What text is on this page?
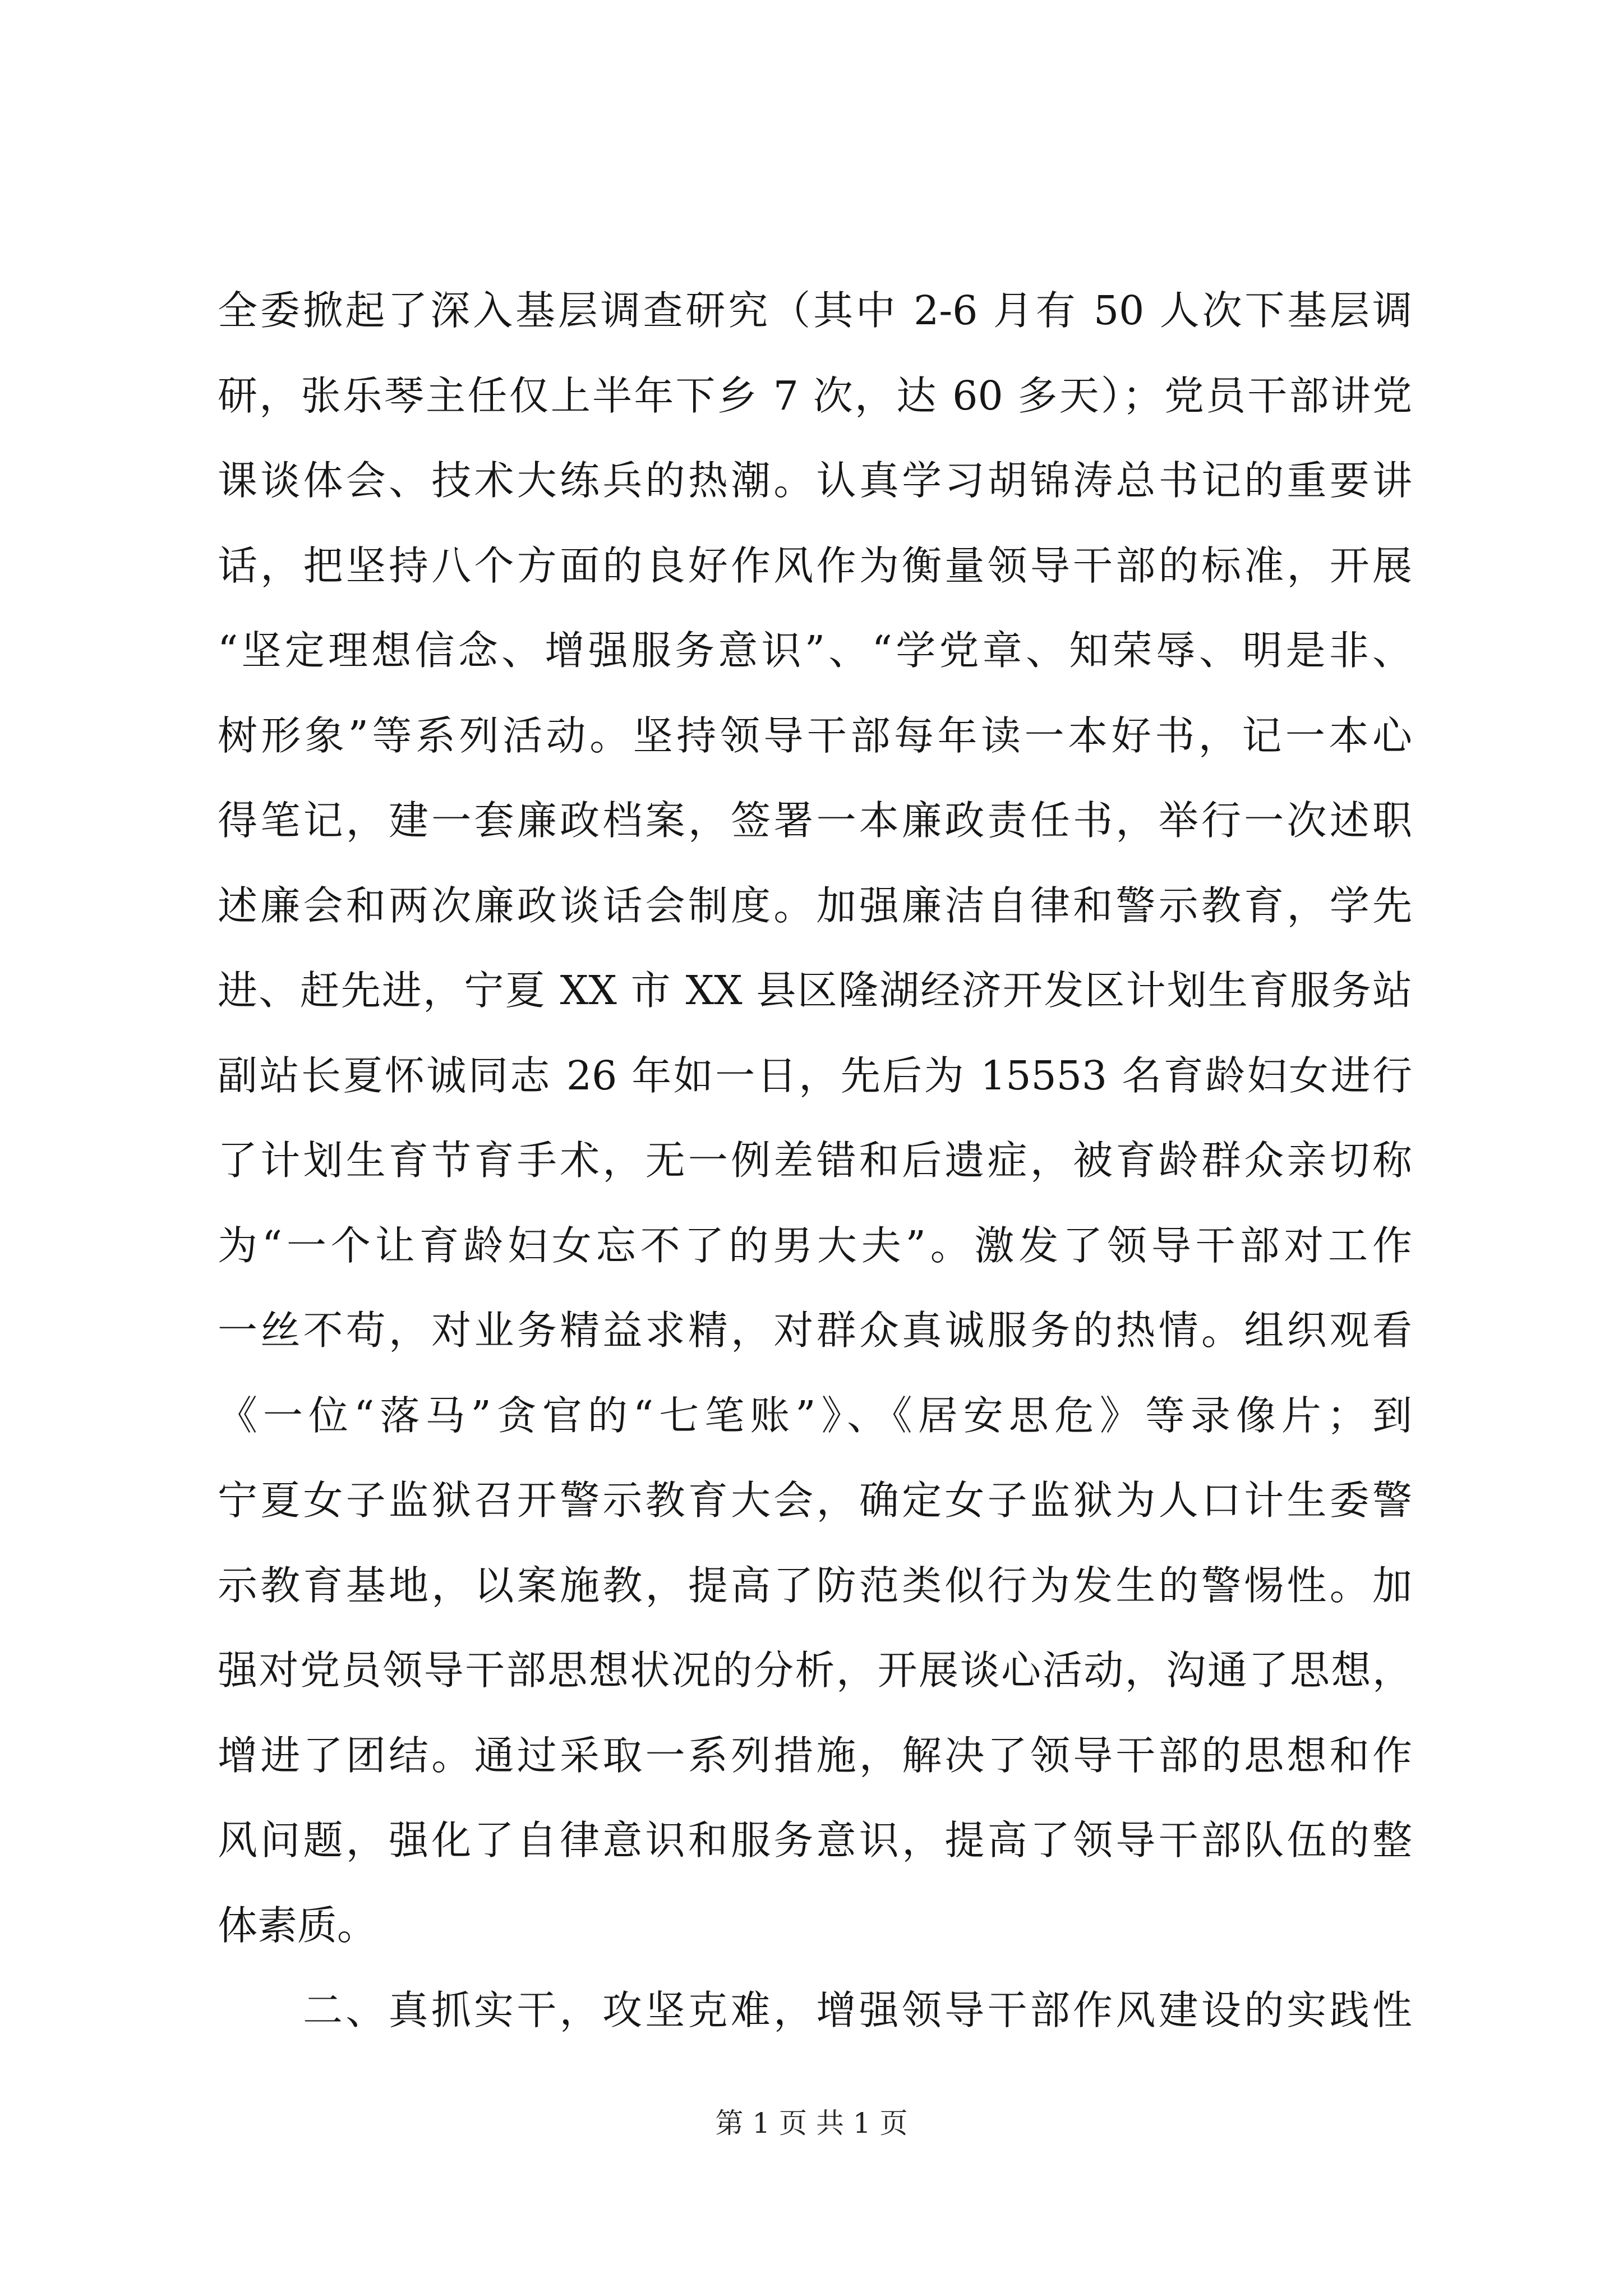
全委掀起了深入基层调查研究（其中 2-6 月有 50 人次下基层调
研，张乐琴主任仅上半年下乡 7 次，达 60 多天）；党员干部讲党
课谈体会、技术大练兵的热潮。认真学习胡锦涛总书记的重要讲
话，把坚持八个方面的良好作风作为衡量领导干部的标准，开展
“坚定理想信念、增强服务意识”、“学党章、知荣辱、明是非、
树形象”等系列活动。坚持领导干部每年读一本好书，记一本心
得笔记，建一套廉政档案，签署一本廉政责任书，举行一次述职
述廉会和两次廉政谈话会制度。加强廉洁自律和警示教育，学先
进、赶先进，宁夏 XX 市 XX 县区隆湖经济开发区计划生育服务站
副站长夏怀诚同志 26 年如一日，先后为 15553 名育龄妇女进行
了计划生育节育手术，无一例差错和后遗症，被育龄群众亲切称
为“一个让育龄妇女忘不了的男大夫”。激发了领导干部对工作
一丝不苟，对业务精益求精，对群众真诚服务的热情。组织观看
《一位“落马”贪官的“七笔账”》、《居安思危》等录像片；到
宁夏女子监狱召开警示教育大会，确定女子监狱为人口计生委警
示教育基地，以案施教，提高了防范类似行为发生的警惕性。加
强对党员领导干部思想状况的分析，开展谈心活动，沟通了思想，
增进了团结。通过采取一系列措施，解决了领导干部的思想和作
风问题，强化了自律意识和服务意识，提高了领导干部队伍的整
体素质。
二、真抓实干，攻坚克难，增强领导干部作风建设的实践性
第 1 页 共 1 页
